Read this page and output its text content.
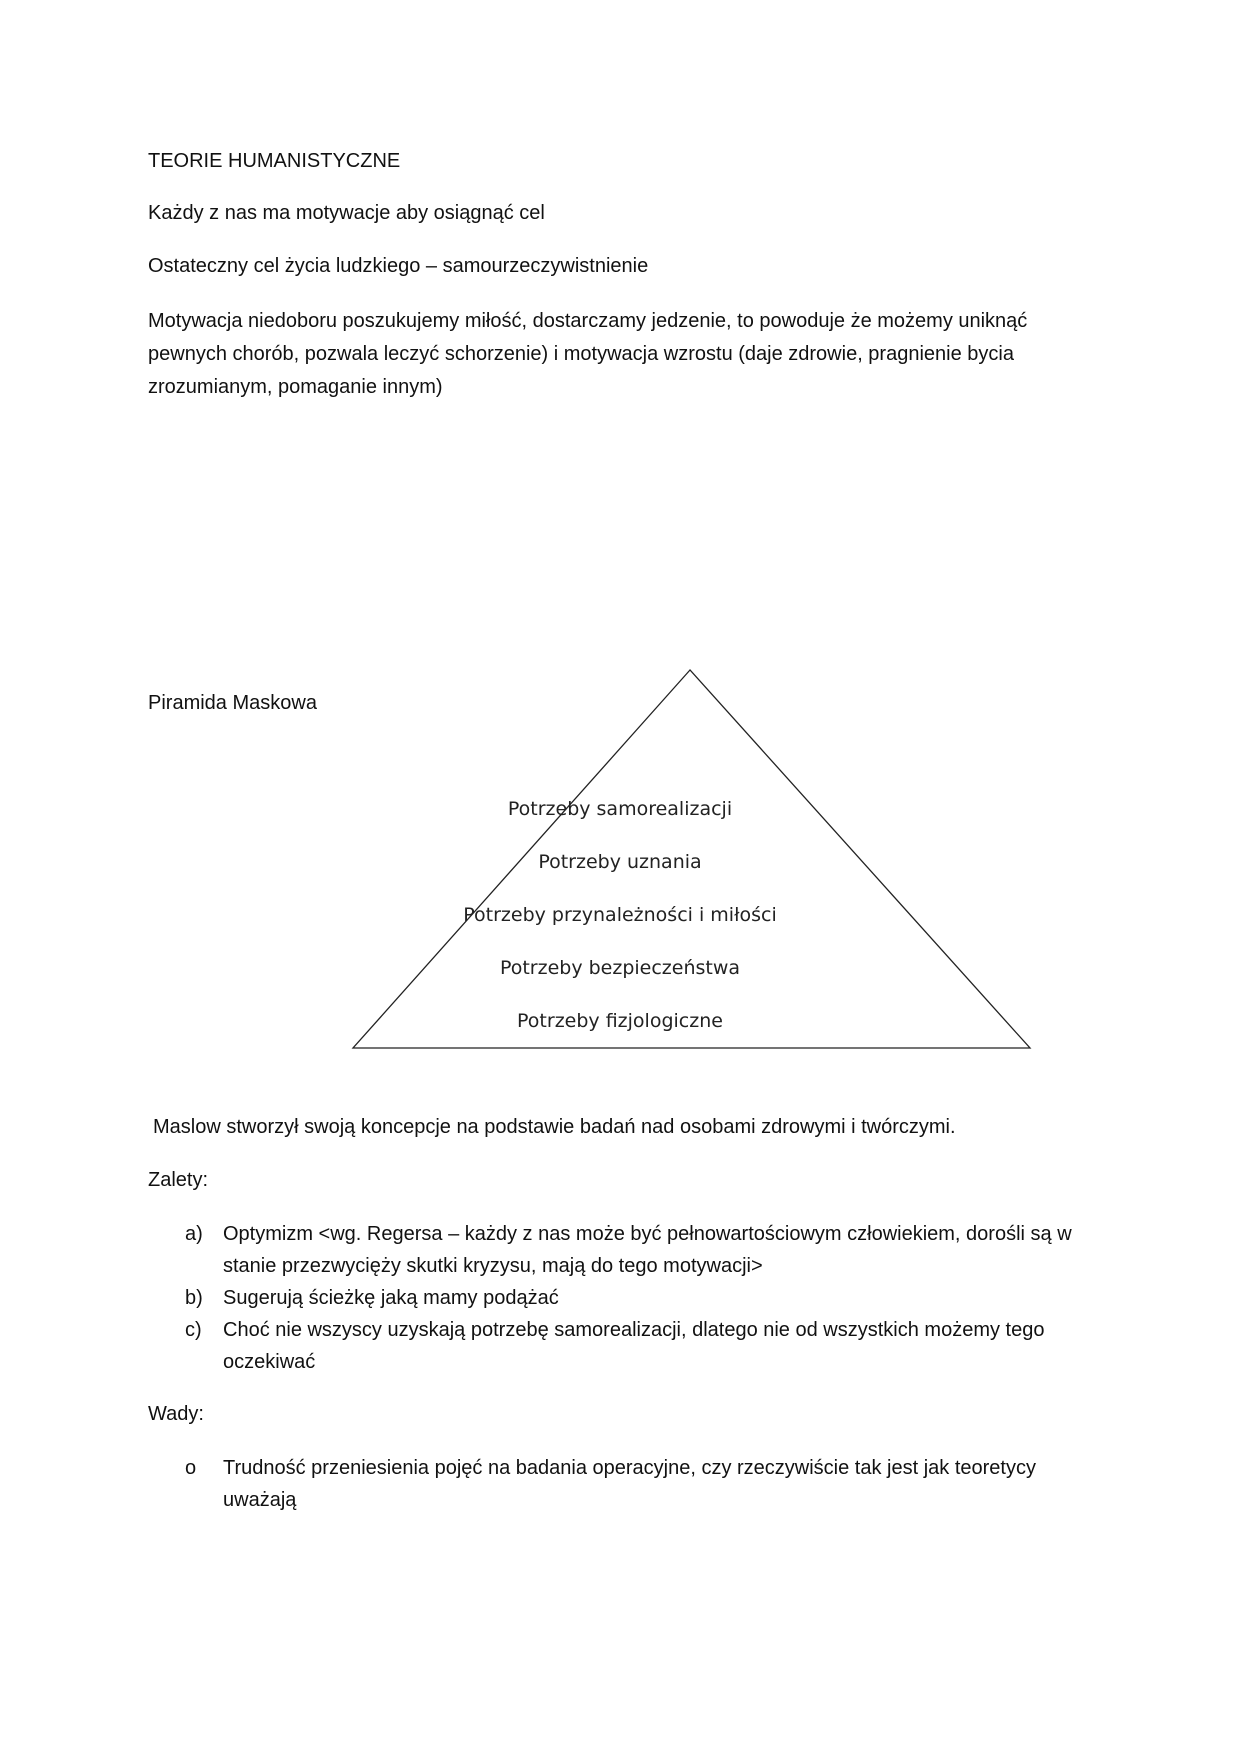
TEORIE HUMANISTYCZNE

Każdy z nas ma motywacje aby osiągnąć cel

Ostateczny cel życia ludzkiego – samourzeczywistnienie

Motywacja niedoboru poszukujemy miłość, dostarczamy jedzenie, to powoduje że możemy uniknąć pewnych chorób, pozwala leczyć schorzenie) i motywacja wzrostu (daje zdrowie, pragnienie bycia zrozumianym, pomaganie innym)

Piramida Maskowa

Potrzeby samorealizacji
Potrzeby uznania
Potrzeby przynależności i miłości
Potrzeby bezpieczeństwa
Potrzeby fizjologiczne

Maslow stworzył swoją koncepcje na podstawie badań nad osobami zdrowymi i twórczymi.

Zalety:

a)	Optymizm <wg. Regersa – każdy z nas może być pełnowartościowym człowiekiem, dorośli są w stanie przezwycięży skutki kryzysu, mają do tego motywacji>
b)	Sugerują ścieżkę jaką mamy podążać
c)	Choć nie wszyscy uzyskają potrzebę samorealizacji, dlatego nie od wszystkich możemy tego oczekiwać

Wady:

o	Trudność przeniesienia pojęć na badania operacyjne, czy rzeczywiście tak jest jak teoretycy uważają
